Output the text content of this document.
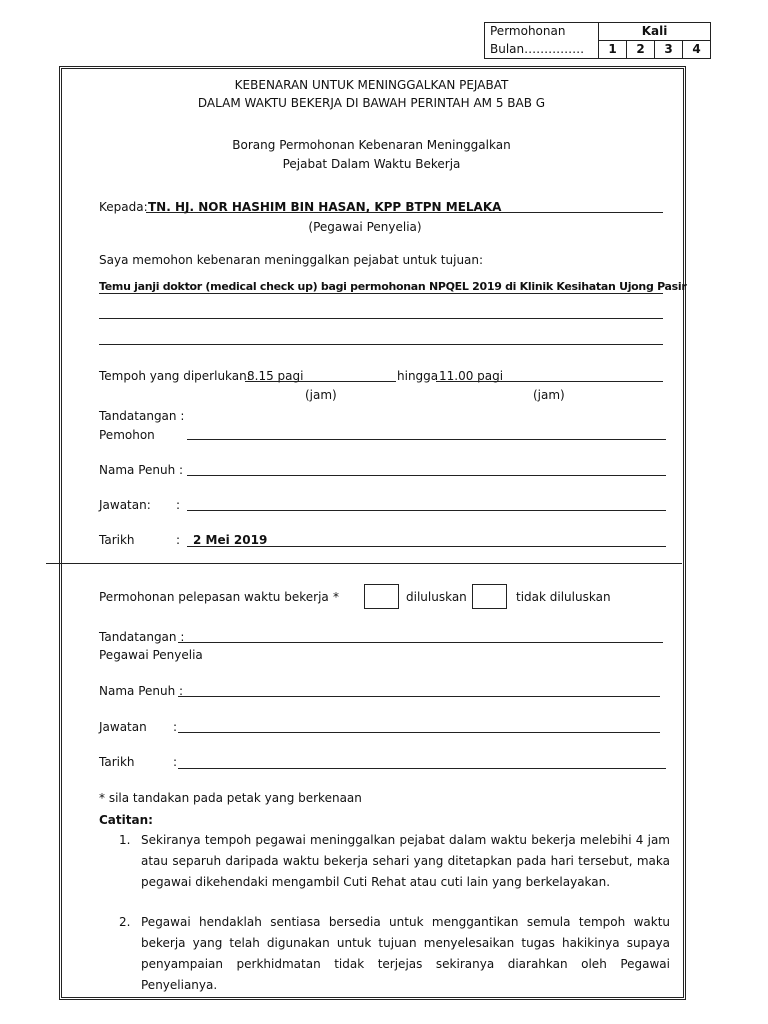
Permohonan	Kali			
Bulan……………	1	2	3	4
KEBENARAN UNTUK MENINGGALKAN PEJABAT
DALAM WAKTU BEKERJA DI BAWAH PERINTAH AM 5 BAB G
Borang Permohonan Kebenaran Meninggalkan
Pejabat Dalam Waktu Bekerja
Kepada: TN. HJ. NOR HASHIM BIN HASAN, KPP BTPN MELAKA
(Pegawai Penyelia)
Saya memohon kebenaran meninggalkan pejabat untuk tujuan:
Temu janji doktor (medical check up) bagi permohonan NPQEL 2019 di Klinik Kesihatan Ujong Pasir
Tempoh yang diperlukan:
8.15 pagi	hingga 11.00 pagi
(jam)	(jam)
Tandatangan :
Pemohon
Nama Penuh :
Jawatan: :
Tarikh	: 2 Mei 2019
Permohonan pelepasan waktu bekerja *	diluluskan	tidak diluluskan
Tandatangan :
Pegawai Penyelia
Nama Penuh :
Jawatan :
Tarikh	:
* sila tandakan pada petak yang berkenaan
Catitan:
1. Sekiranya tempoh pegawai meninggalkan pejabat dalam waktu bekerja melebihi 4 jam atau separuh daripada waktu bekerja sehari yang ditetapkan pada hari tersebut, maka pegawai dikehendaki mengambil Cuti Rehat atau cuti lain yang berkelayakan.
2. Pegawai hendaklah sentiasa bersedia untuk menggantikan semula tempoh waktu bekerja yang telah digunakan untuk tujuan menyelesaikan tugas hakikinya supaya penyampaian perkhidmatan tidak terjejas sekiranya diarahkan oleh Pegawai Penyelianya.
